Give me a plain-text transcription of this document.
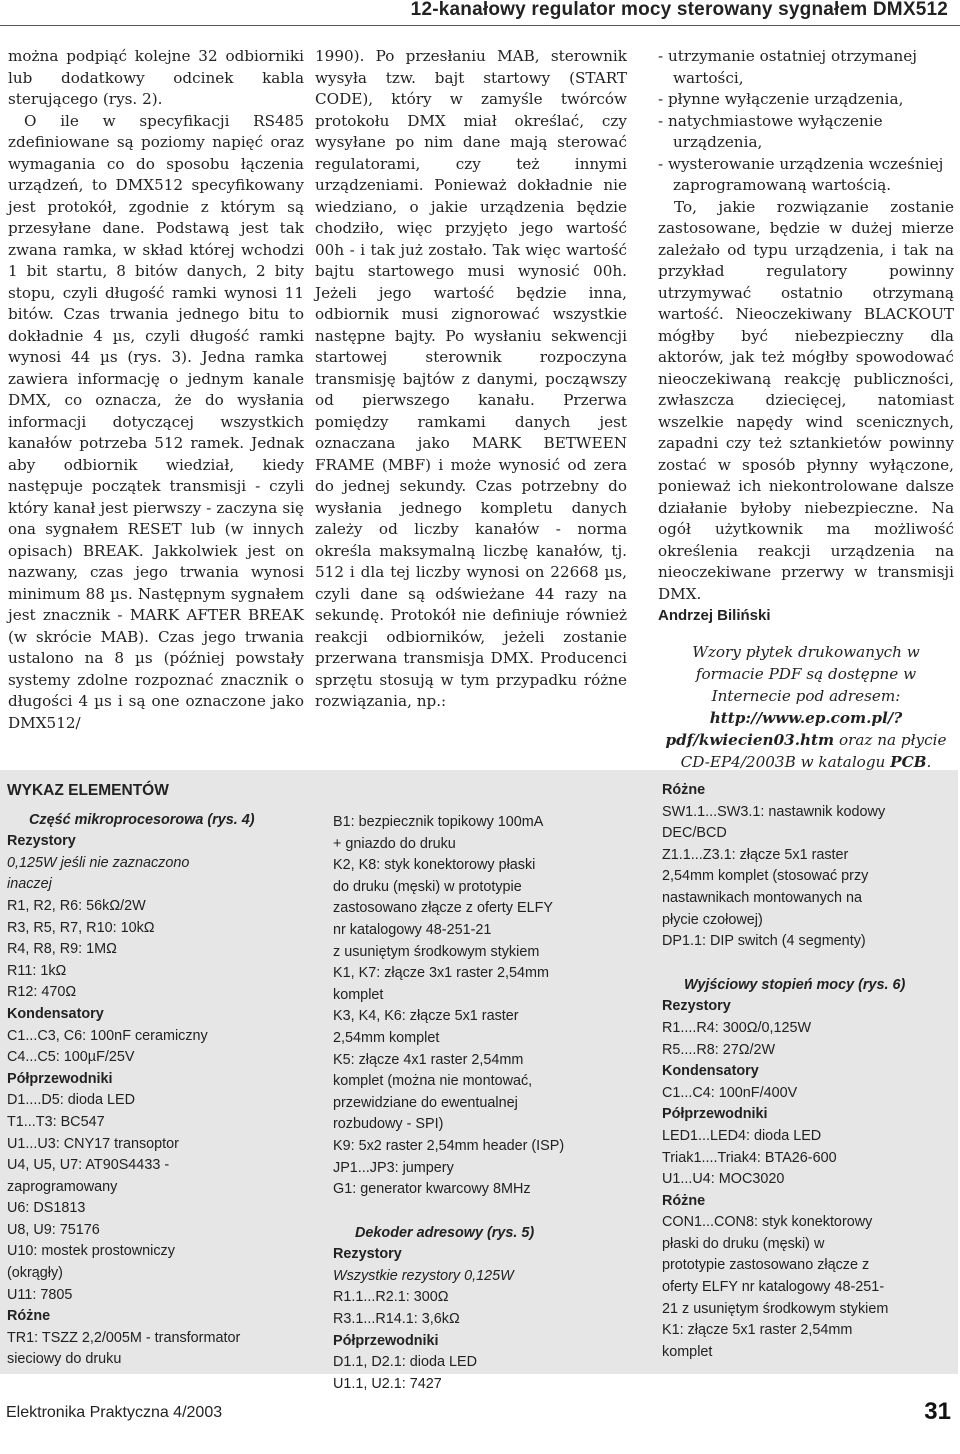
12-kanałowy regulator mocy sterowany sygnałem DMX512

można podpiąć kolejne 32 odbiorniki lub dodatkowy odcinek kabla sterującego (rys. 2).

O ile w specyfikacji RS485 zdefiniowane są poziomy napięć oraz wymagania co do sposobu łączenia urządzeń, to DMX512 specyfikowany jest protokół, zgodnie z którym są przesyłane dane. Podstawą jest tak zwana ramka, w skład której wchodzi 1 bit startu, 8 bitów danych, 2 bity stopu, czyli długość ramki wynosi 11 bitów. Czas trwania jednego bitu to dokładnie 4 µs, czyli długość ramki wynosi 44 µs (rys. 3). Jedna ramka zawiera informację o jednym kanale DMX, co oznacza, że do wysłania informacji dotyczącej wszystkich kanałów potrzeba 512 ramek. Jednak aby odbiornik wiedział, kiedy następuje początek transmisji - czyli który kanał jest pierwszy - zaczyna się ona sygnałem RESET lub (w innych opisach) BREAK. Jakkolwiek jest on nazwany, czas jego trwania wynosi minimum 88 µs. Następnym sygnałem jest znacznik - MARK AFTER BREAK (w skrócie MAB). Czas jego trwania ustalono na 8 µs (później powstały systemy zdolne rozpoznać znacznik o długości 4 µs i są one oznaczone jako DMX512/

1990). Po przesłaniu MAB, sterownik wysyła tzw. bajt startowy (START CODE), który w zamyśle twórców protokołu DMX miał określać, czy wysyłane po nim dane mają sterować regulatorami, czy też innymi urządzeniami. Ponieważ dokładnie nie wiedziano, o jakie urządzenia będzie chodziło, więc przyjęto jego wartość 00h - i tak już zostało. Tak więc wartość bajtu startowego musi wynosić 00h. Jeżeli jego wartość będzie inna, odbiornik musi zignorować wszystkie następne bajty. Po wysłaniu sekwencji startowej sterownik rozpoczyna transmisję bajtów z danymi, począwszy od pierwszego kanału. Przerwa pomiędzy ramkami danych jest oznaczana jako MARK BETWEEN FRAME (MBF) i może wynosić od zera do jednej sekundy. Czas potrzebny do wysłania jednego kompletu danych zależy od liczby kanałów - norma określa maksymalną liczbę kanałów, tj. 512 i dla tej liczby wynosi on 22668 µs, czyli dane są odświeżane 44 razy na sekundę. Protokół nie definiuje również reakcji odbiorników, jeżeli zostanie przerwana transmisja DMX. Producenci sprzętu stosują w tym przypadku różne rozwiązania, np.:

- utrzymanie ostatniej otrzymanej wartości,

- płynne wyłączenie urządzenia,

- natychmiastowe wyłączenie urządzenia,

- wysterowanie urządzenia wcześniej zaprogramowaną wartością.

To, jakie rozwiązanie zostanie zastosowane, będzie w dużej mierze zależało od typu urządzenia, i tak na przykład regulatory powinny utrzymywać ostatnio otrzymaną wartość. Nieoczekiwany BLACKOUT mógłby być niebezpieczny dla aktorów, jak też mógłby spowodować nieoczekiwaną reakcję publiczności, zwłaszcza dziecięcej, natomiast wszelkie napędy wind scenicznych, zapadni czy też sztankietów powinny zostać w sposób płynny wyłączone, ponieważ ich niekontrolowane dalsze działanie byłoby niebezpieczne. Na ogół użytkownik ma możliwość określenia reakcji urządzenia na nieoczekiwane przerwy w transmisji DMX.

Andrzej Biliński

Wzory płytek drukowanych w formacie PDF są dostępne w Internecie pod adresem: http://www.ep.com.pl/?pdf/kwiecien03.htm oraz na płycie CD-EP4/2003B w katalogu PCB.

WYKAZ ELEMENTÓW
Część mikroprocesorowa (rys. 4)
Rezystory
0,125W jeśli nie zaznaczono
inaczej
R1, R2, R6: 56kΩ/2W
R3, R5, R7, R10: 10kΩ
R4, R8, R9: 1MΩ
R11: 1kΩ
R12: 470Ω
Kondensatory
C1...C3, C6: 100nF ceramiczny
C4...C5: 100µF/25V
Półprzewodniki
D1....D5: dioda LED
T1...T3: BC547
U1...U3: CNY17 transoptor
U4, U5, U7: AT90S4433 -
zaprogramowany
U6: DS1813
U8, U9: 75176
U10: mostek prostowniczy
(okrągły)
U11: 7805
Różne
TR1: TSZZ 2,2/005M - transformator
sieciowy do druku
B1: bezpiecznik topikowy 100mA
+ gniazdo do druku
K2, K8: styk konektorowy płaski
do druku (męski) w prototypie
zastosowano złącze z oferty ELFY
nr katalogowy 48-251-21
z usuniętym środkowym stykiem
K1, K7: złącze 3x1 raster 2,54mm
komplet
K3, K4, K6: złącze 5x1 raster
2,54mm komplet
K5: złącze 4x1 raster 2,54mm
komplet (można nie montować,
przewidziane do ewentualnej
rozbudowy - SPI)
K9: 5x2 raster 2,54mm header (ISP)
JP1...JP3: jumpery
G1: generator kwarcowy 8MHz
Dekoder adresowy (rys. 5)
Rezystory
Wszystkie rezystory 0,125W
R1.1...R2.1: 300Ω
R3.1...R14.1: 3,6kΩ
Półprzewodniki
D1.1, D2.1: dioda LED
U1.1, U2.1: 7427
Różne
SW1.1...SW3.1: nastawnik kodowy
DEC/BCD
Z1.1...Z3.1: złącze 5x1 raster
2,54mm komplet (stosować przy
nastawnikach montowanych na
płycie czołowej)
DP1.1: DIP switch (4 segmenty)
Wyjściowy stopień mocy (rys. 6)
Rezystory
R1....R4: 300Ω/0,125W
R5....R8: 27Ω/2W
Kondensatory
C1...C4: 100nF/400V
Półprzewodniki
LED1...LED4: dioda LED
Triak1....Triak4: BTA26-600
U1...U4: MOC3020
Różne
CON1...CON8: styk konektorowy
płaski do druku (męski) w
prototypie zastosowano złącze z
oferty ELFY nr katalogowy 48-251-
21 z usuniętym środkowym stykiem
K1: złącze 5x1 raster 2,54mm
komplet
Elektronika Praktyczna 4/2003	31
